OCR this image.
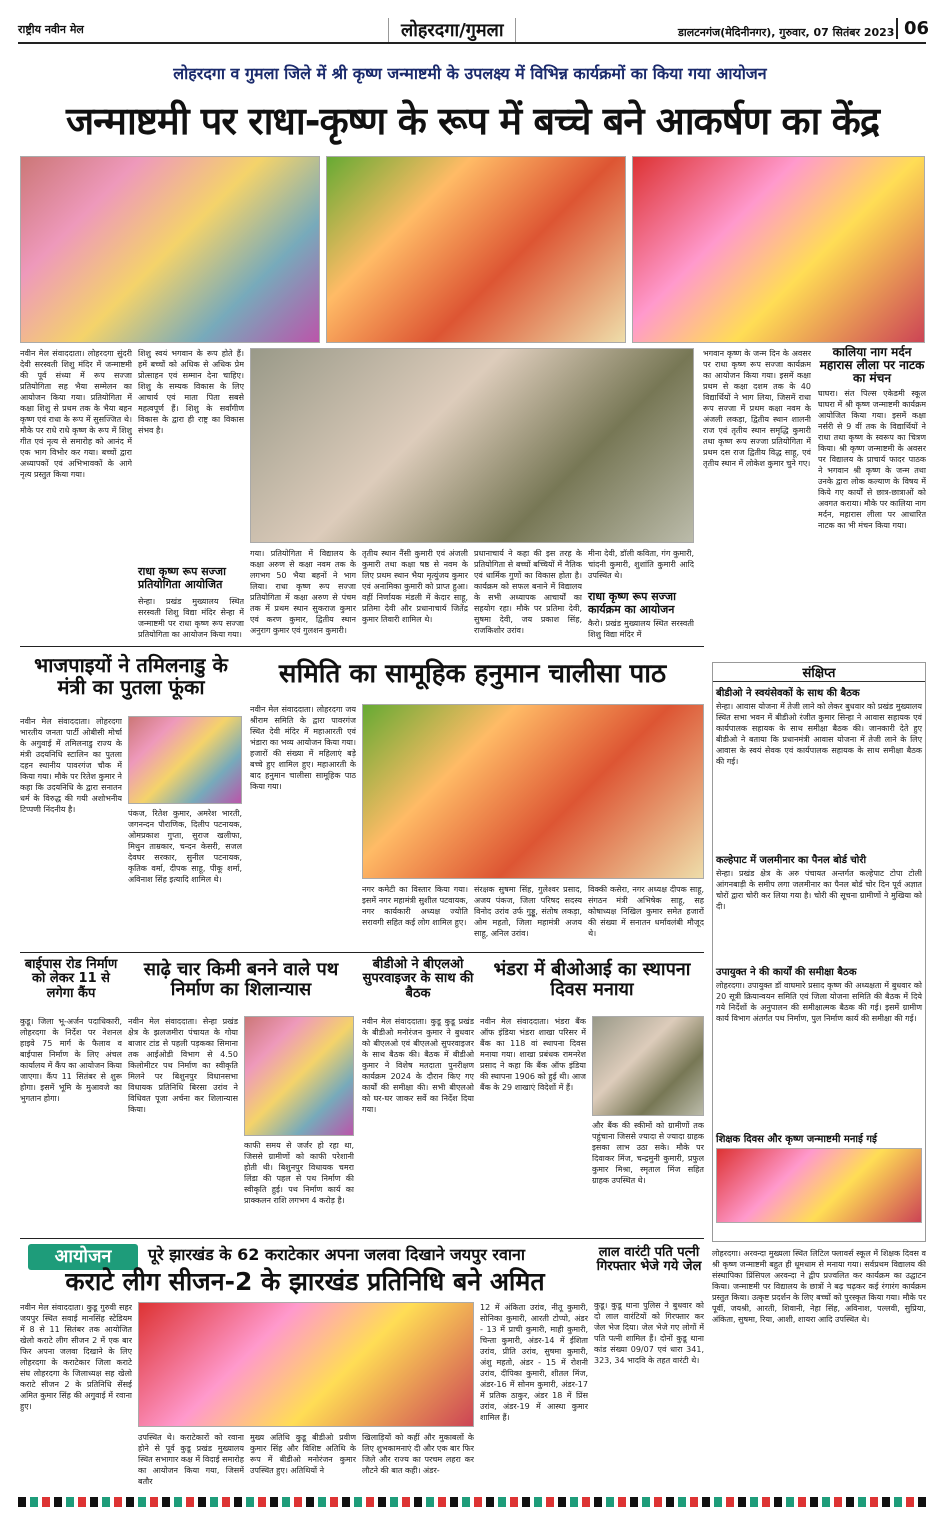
राष्ट्रीय नवीन मेल	लोहरदगा/गुमला	डालटनगंज(मेदिनीनगर), गुरुवार, 07 सितंबर 2023 06
लोहरदगा व गुमला जिले में श्री कृष्ण जन्माष्टमी के उपलक्ष्य में विभिन्न कार्यक्रमों का किया गया आयोजन
जन्माष्टमी पर राधा-कृष्ण के रूप में बच्चे बने आकर्षण का केंद्र
नवीन मेल संवाददाता। लोहरदगा सुंदरी देवी सरस्वती शिशु मंदिर में जन्माष्टमी की पूर्व संध्या में रूप सज्जा प्रतियोगिता सह भैया सम्मेलन का आयोजन किया गया। प्रतियोगिता में कक्षा शिशु से प्रथम तक के भैया बहन कृष्ण एवं राधा के रूप में सुसज्जित थे। मौके पर राधे राधे कृष्ण के रूप में शिशु गीत एवं नृत्य से समारोह को आनंद में एक भाग विभोर कर गया। बच्चों द्वारा अध्यापकों एवं अभिभावकों के आगे नृत्य प्रस्तुत किया गया।
शिशु स्वयं भगवान के रूप होते हैं। हमें बच्चों को अधिक से अधिक प्रेम प्रोत्साहन एवं सम्मान देना चाहिए। शिशु के सम्यक विकास के लिए आचार्य एवं माता पिता सबसे महत्वपूर्ण हैं। शिशु के सर्वांगीण विकास के द्वारा ही राष्ट्र का विकास संभव है।
राधा कृष्ण रूप सज्जा प्रतियोगिता आयोजित
सेन्हा। प्रखंड मुख्यालय स्थित सरस्वती शिशु विद्या मंदिर सेन्हा में जन्माष्टमी पर राधा कृष्ण रूप सज्जा प्रतियोगिता का आयोजन किया गया।
गया। प्रतियोगिता में विद्यालय के कक्षा अरुण से कक्षा नवम तक के लगभग 50 भैया बहनों ने भाग लिया। राधा कृष्ण रूप सज्जा प्रतियोगिता में कक्षा अरुण से पंचम तक में प्रथम स्थान सुकराज कुमार एवं करण कुमार, द्वितीय स्थान अनुराग कुमार एवं गुलशन कुमारी।
तृतीय स्थान नैंसी कुमारी एवं अंजली कुमारी तथा कक्षा षष्ठ से नवम के लिए प्रथम स्थान भैया मृत्युंजय कुमार एवं अनामिका कुमारी को प्राप्त हुआ। वहीं निर्णायक मंडली में केदार साहू, प्रतिमा देवी और प्रधानाचार्य जितेंद्र कुमार तिवारी शामिल थे।
प्रधानाचार्य ने कहा की इस तरह के प्रतियोगिता से बच्चों बच्चियों में नैतिक एवं धार्मिक गुणों का विकास होता है। कार्यक्रम को सफल बनाने में विद्यालय के सभी अध्यापक आचार्यों का सहयोग रहा। मौके पर प्रतिमा देवी, सुषमा देवी, जय प्रकाश सिंह, राजकिशोर उरांव।
मीना देवी, डॉली कविता, गंग कुमारी, चांदनी कुमारी, शुशांति कुमारी आदि उपस्थित थे।
राधा कृष्ण रूप सज्जा कार्यक्रम का आयोजन
कैरो। प्रखंड मुख्यालय स्थित सरस्वती शिशु विद्या मंदिर में
भगवान कृष्ण के जन्म दिन के अवसर पर राधा कृष्ण रूप सज्जा कार्यक्रम का आयोजन किया गया। इसमें कक्षा प्रथम से कक्षा दशम तक के 40 विद्यार्थियों ने भाग लिया, जिसमें राधा रूप सज्जा में प्रथम कक्षा नवम के अंजली लकड़ा, द्वितीय स्थान शालनी राज एवं तृतीय स्थान समृद्धि कुमारी तथा कृष्ण रूप सज्जा प्रतियोगिता में प्रथम दस राज द्वितीय विद्ध साहू, एवं तृतीय स्थान में लोकेश कुमार चुने गए।
कालिया नाग मर्दन महारास लीला पर नाटक का मंचन
घाघरा। संत पिल्स एकेडमी स्कूल घाघरा में श्री कृष्ण जन्माष्टमी कार्यक्रम आयोजित किया गया। इसमें कक्षा नर्सरी से 9 वीं तक के विद्यार्थियों ने राधा तथा कृष्ण के स्वरूप का चित्रण किया। श्री कृष्ण जन्माष्टमी के अवसर पर विद्यालय के प्राचार्य फादर पाठक ने भगवान श्री कृष्ण के जन्म तथा उनके द्वारा लोक कल्याण के विषय में किये गए कार्यों से छात्र-छात्राओं को अवगत कराया। मौके पर कालिया नाग मर्दन, महारास लीला पर आधारित नाटक का भी मंचन किया गया।
भाजपाइयों ने तमिलनाडु के मंत्री का पुतला फूंका
नवीन मेल संवाददाता। लोहरदगा भारतीय जनता पार्टी ओबीसी मोर्चा के अगुवाई में तमिलनाडु राज्य के मंत्री उदयनिधि स्टालिन का पुतला दहन स्थानीय पावरगंज चौक में किया गया। मौके पर रितेश कुमार ने कहा कि उदयनिधि के द्वारा सनातन धर्म के विरुद्ध की गयी अशोभनीय टिप्पणी निंदनीय है।	पंकज, रितेश कुमार, अमरेश भारती, जगनन्दन पौराणिक, दिलीप पटनायक, ओमप्रकाश गुप्ता, सुराज खलीफा, मिथुन ताम्रकार, चन्दन केसरी, सजल देवघर सरकार, सुनील पटनायक, कृतिक वर्मा, दीपक साहू, पीकू शर्मा, अविनाश सिंह इत्यादि शामिल थे।
समिति का सामूहिक हनुमान चालीसा पाठ
नवीन मेल संवाददाता। लोहरदगा जय श्रीराम समिति के द्वारा पावरगंज स्थित देवी मंदिर में महाआरती एवं भंडारा का भव्य आयोजन किया गया। हजारों की संख्या में महिलाएं बड़े बच्चे हुए शामिल हुए। महाआरती के बाद हनुमान चालीसा सामूहिक पाठ किया गया।
नगर कमेटी का विस्तार किया गया। इसमें नगर महामंत्री सुशील पटवायक, नगर कार्यकारी अध्यक्ष ज्योति सरावगी सहित कई लोग शामिल हुए।
संरक्षक सुषमा सिंह, गुलेश्वर प्रसाद, अजय पंकज, जिला परिषद सदस्य विनोद उरांव उर्फ गुड्डू, संतोष लकड़ा, ओम महतो, जिला महामंत्री अजय साहू, अनिल उरांव।
विक्की कसेरा, नगर अध्यक्ष दीपक साहू, संगठन मंत्री अभिषेक साहू, सह कोषाध्यक्ष निखिल कुमार समेत हजारों की संख्या में सनातन धर्मावलंबी मौजूद थे।
संक्षिप्त
बीडीओ ने स्वयंसेवकों के साथ की बैठक
सेन्हा। आवास योजना में तेजी लाने को लेकर बुधवार को प्रखंड मुख्यालय स्थित सभा भवन में बीडीओ रंजीत कुमार सिन्हा ने आवास सहायक एवं कार्यपालक सहायक के साथ समीक्षा बैठक की। जानकारी देते हुए बीडीओ ने बताया कि प्रधानमंत्री आवास योजना में तेजी लाने के लिए आवास के स्वयं सेवक एवं कार्यपालक सहायक के साथ समीक्षा बैठक की गई।
कल्हेपाट में जलमीनार का पैनल बोर्ड चोरी
सेन्हा। प्रखंड क्षेत्र के अरु पंचायत अन्तर्गत कल्हेपाट टोपा टोली आंगनबाड़ी के समीप लगा जलमीनार का पैनल बोर्ड चोर दिन पूर्व अज्ञात चोरों द्वारा चोरी कर लिया गया है। चोरी की सूचना ग्रामीणों ने मुखिया को दी।
उपायुक्त ने की कार्यों की समीक्षा बैठक
लोहरदगा। उपायुक्त डॉ वाघमारे प्रसाद कृष्ण की अध्यक्षता में बुधवार को 20 सूत्री क्रियान्वयन समिति एवं जिला योजना समिति की बैठक में दिये गये निर्देशों के अनुपालन की समीक्षात्मक बैठक की गई। इसमें ग्रामीण कार्य विभाग अंतर्गत पथ निर्माण, पुल निर्माण कार्य की समीक्षा की गई।
शिक्षक दिवस और कृष्ण जन्माष्टमी मनाई गई
बाईपास रोड निर्माण को लेकर 11 से लगेगा कैंप
कुडू। जिला भू-अर्जन पदाधिकारी, लोहरदगा के निर्देश पर नेशनल हाइवे 75 मार्ग के फैलाव व बाईपास निर्माण के लिए अंचल कार्यालय में कैंप का आयोजन किया जाएगा। कैंप 11 सितंबर से शुरू होगा। इसमें भूमि के मुआवजे का भुगतान होगा।
साढ़े चार किमी बनने वाले पथ निर्माण का शिलान्यास
नवीन मेल संवाददाता। सेन्हा प्रखंड क्षेत्र के झलजमीरा पंचायत के गोया बाजार टांड से पहली पड़कका सिमाना तक आईओडी विभाग से 4.50 किलोमीटर पथ निर्माण का स्वीकृति मिलने पर बिशुनपुर विधानसभा विधायक प्रतिनिधि बिरसा उरांव ने विधिवत पूजा अर्चना कर शिलान्यास किया।
काफी समय से जर्जर हो रहा था, जिससे ग्रामीणों को काफी परेशानी होती थी। बिशुनपुर विधायक चमरा लिंडा की पहल से पथ निर्माण की स्वीकृति हुई। पथ निर्माण कार्य का प्राक्कलन राशि लगभग 4 करोड़ है।
बीडीओ ने बीएलओ सुपरवाइजर के साथ की बैठक
नवीन मेल संवाददाता। कुडू कुडू प्रखंड के बीडीओ मनोरंजन कुमार ने बुधवार को बीएलओ एवं बीएलओ सुपरवाइजर के साथ बैठक की। बैठक में बीडीओ कुमार ने विशेष मतदाता पुनरीक्षण कार्यक्रम 2024 के दौरान किए गए कार्यों की समीक्षा की। सभी बीएलओ को घर-घर जाकर सर्वे का निर्देश दिया गया।
भंडरा में बीओआई का स्थापना दिवस मनाया
नवीन मेल संवाददाता। भंडरा बैंक ऑफ इंडिया भंडरा शाखा परिसर में बैंक का 118 वां स्थापना दिवस मनाया गया। शाखा प्रबंधक रामनरेश प्रसाद ने कहा कि बैंक ऑफ इंडिया की स्थापना 1906 को हुई थी। आज बैंक के 29 शाखाएं विदेशों में हैं।
और बैंक की स्कीमों को ग्रामीणों तक पहुंचाना जिससे ज्यादा से ज्यादा ग्राहक इसका लाभ उठा सके। मौके पर दिवाकर मिंज, चन्द्रमुनी कुमारी, प्रफुल कुमार मिश्रा, स्मृताल मिंज सहित ग्राहक उपस्थित थे।
आयोजन	पूरे झारखंड के 62 कराटेकार अपना जलवा दिखाने जयपुर रवाना
कराटे लीग सीजन-2 के झारखंड प्रतिनिधि बने अमित
नवीन मेल संवाददाता। कुडू गुरुवी सहर जयपुर स्थित सवाई मानसिंह स्टेडियम में 8 से 11 सितंबर तक आयोजित खेलो कराटे लीग सीजन 2 में एक बार फिर अपना जलवा दिखाने के लिए लोहरदगा के कराटेकार जिला कराटे संघ लोहरदगा के जिलाध्यक्ष सह खेलो कराटे सीजन 2 के प्रतिनिधि सेंसई अमित कुमार सिंह की अगुवाई में रवाना हुए।
उपस्थित थे। कराटेकारों को रवाना होने से पूर्व कुडू प्रखंड मुख्यालय स्थित सभागार कक्ष में विदाई समारोह का आयोजन किया गया, जिसमें बतौर
मुख्य अतिथि कुडू बीडीओ प्रवीण कुमार सिंह और विशिष्ट अतिथि के रूप में बीडीओ मनोरंजन कुमार उपस्थित हुए। अतिथियों ने
खिलाड़ियों को कहीं और मुकाबलों के लिए शुभकामनाएं दी और एक बार फिर जिले और राज्य का परचम लहरा कर लौटने की बात कही। अंडर-
12 में अंकिता उरांव, नीतू कुमारी, सोनिका कुमारी, आरती टोप्पो, अंडर - 13 में प्राची कुमारी, माही कुमारी, चिन्ता कुमारी, अंडर-14 में ईशिता उरांव, प्रीति उरांव, सुषमा कुमारी, अंशु महतो, अंडर - 15 में रोशनी उरांव, दीपिका कुमारी, शीतल मिंज, अंडर-16 में सोनम कुमारी, अंडर-17 में प्रतिक ठाकुर, अंडर 18 में प्रिंस उरांव, अंडर-19 में आस्था कुमार शामिल हैं।
लाल वारंटी पति पत्नी गिरफ्तार भेजे गये जेल
कुडू। कुडू थाना पुलिस ने बुधवार को दो लाल वारंटियों को गिरफ्तार कर जेल भेज दिया। जेल भेजे गए लोगों में पति पत्नी शामिल हैं। दोनों कुडू थाना कांड संख्या 09/07 एवं धारा 341, 323, 34 भादवि के तहत वारंटी थे।
लोहरदगा। अरवन्दा मुख्यला स्थित लिटिल फ्लावर्स स्कूल में शिक्षक दिवस व श्री कृष्ण जन्माष्टमी बहुत ही धूमधाम से मनाया गया। सर्वप्रथम विद्यालय की संस्थापिका प्रिंसिपल अरवन्दा ने द्वीप प्रज्वलित कर कार्यक्रम का उद्घाटन किया। जन्माष्टमी पर विद्यालय के छात्रों ने बढ़ चढ़कर कई रंगारंग कार्यक्रम प्रस्तुत किया। उत्कृष्ट प्रदर्शन के लिए बच्चों को पुरस्कृत किया गया। मौके पर पूर्वी, जयश्री, आरती, शिवानी, नेहा सिंह, अविनाश, पल्लवी, सुप्रिया, अंकिता, सुषमा, रिया, आशी, शायरा आदि उपस्थित थे।
